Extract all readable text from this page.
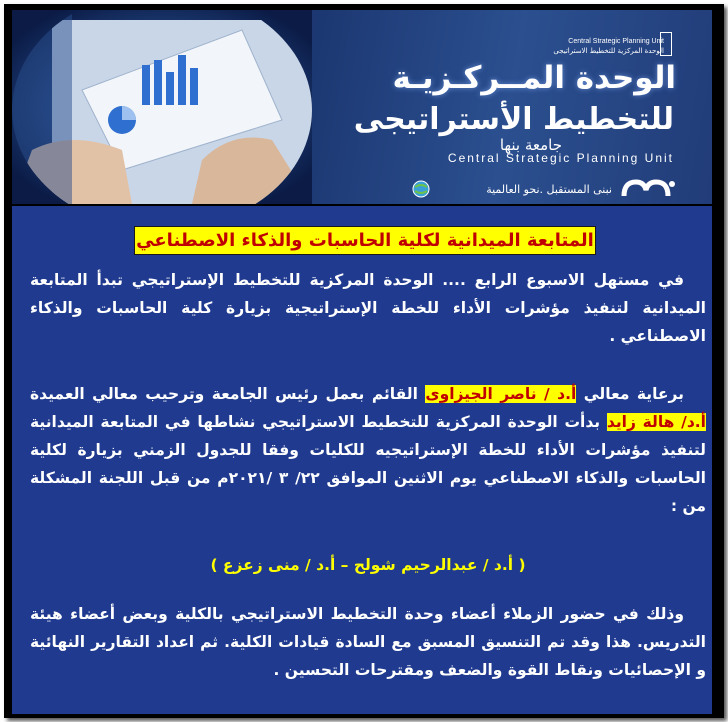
Central Strategic Planning Unit
الوحدة المركزية للتخطيط الاستراتيجى
الوحدة المــركـزيـة
للتخطيط الأستراتيجى
جامعة بنها
Central Strategic Planning Unit
نبنى المستقبل .نحو العالمية
المتابعة الميدانية لكلية الحاسبات والذكاء الاصطناعي
في مستهل الاسبوع الرابع .... الوحدة المركزية للتخطيط الإستراتيجي تبدأ المتابعة الميدانية لتنفيذ مؤشرات الأداء للخطة الإستراتيجية بزيارة كلية الحاسبات والذكاء الاصطناعي .
برعاية معالي أ.د / ناصر الجيزاوى القائم بعمل رئيس الجامعة وترحيب معالي العميدة أ.د/ هالة زايد بدأت الوحدة المركزية للتخطيط الاستراتيجي نشاطها في المتابعة الميدانية لتنفيذ مؤشرات الأداء للخطة الإستراتيجيه للكليات وفقا للجدول الزمني بزيارة لكلية الحاسبات والذكاء الاصطناعي يوم الاثنين الموافق ٢٢/ ٣ /٢٠٢١م من قبل اللجنة المشكلة من :
( أ.د / عبدالرحيم شولح – أ.د / منى زعزع )
وذلك في حضور الزملاء أعضاء وحدة التخطيط الاستراتيجي بالكلية وبعض أعضاء هيئة التدريس. هذا وقد تم التنسيق المسبق مع السادة قيادات الكلية. ثم اعداد التقارير النهائية و الإحصائيات ونقاط القوة والضعف ومقترحات التحسين .
